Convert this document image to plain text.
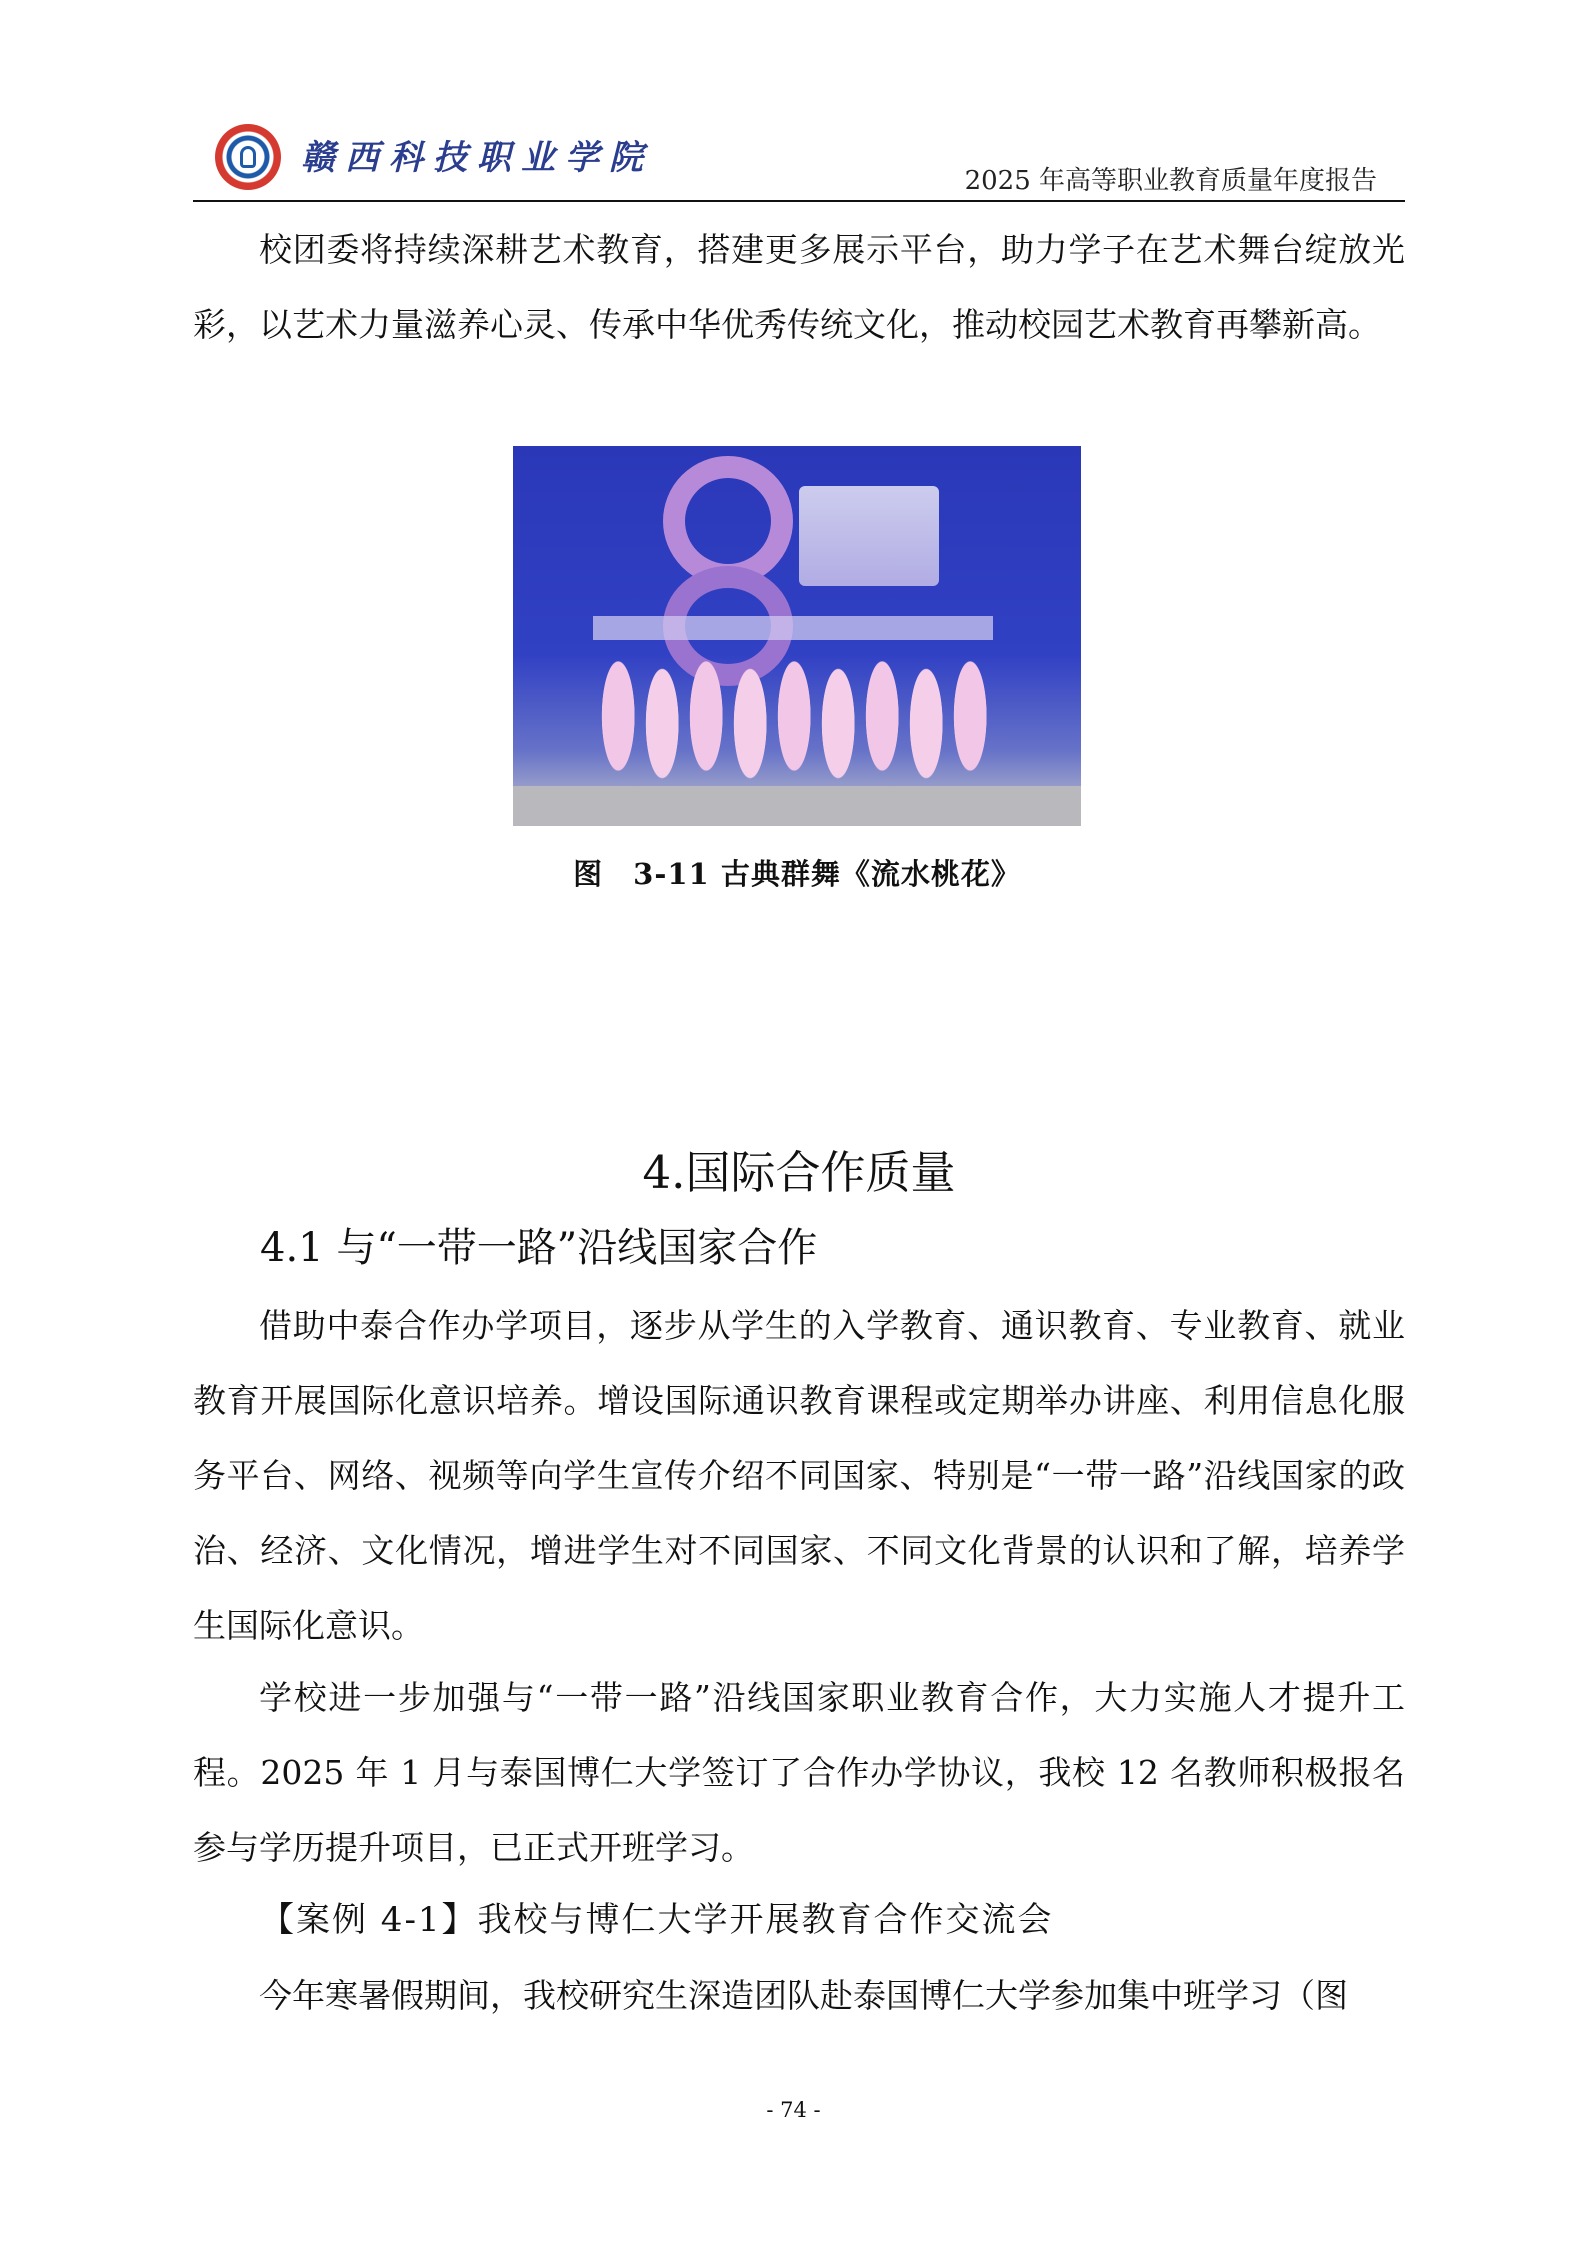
赣西科技职业学院
2025 年高等职业教育质量年度报告

校团委将持续深耕艺术教育，搭建更多展示平台，助力学子在艺术舞台绽放光彩，以艺术力量滋养心灵、传承中华优秀传统文化，推动校园艺术教育再攀新高。

图　3-11 古典群舞《流水桃花》
4.国际合作质量
4.1 与“一带一路”沿线国家合作

借助中泰合作办学项目，逐步从学生的入学教育、通识教育、专业教育、就业教育开展国际化意识培养。增设国际通识教育课程或定期举办讲座、利用信息化服务平台、网络、视频等向学生宣传介绍不同国家、特别是“一带一路”沿线国家的政治、经济、文化情况，增进学生对不同国家、不同文化背景的认识和了解，培养学生国际化意识。

学校进一步加强与“一带一路”沿线国家职业教育合作，大力实施人才提升工程。2025 年 1 月与泰国博仁大学签订了合作办学协议，我校 12 名教师积极报名参与学历提升项目，已正式开班学习。

【案例 4-1】我校与博仁大学开展教育合作交流会

今年寒暑假期间，我校研究生深造团队赴泰国博仁大学参加集中班学习（图

- 74 -
